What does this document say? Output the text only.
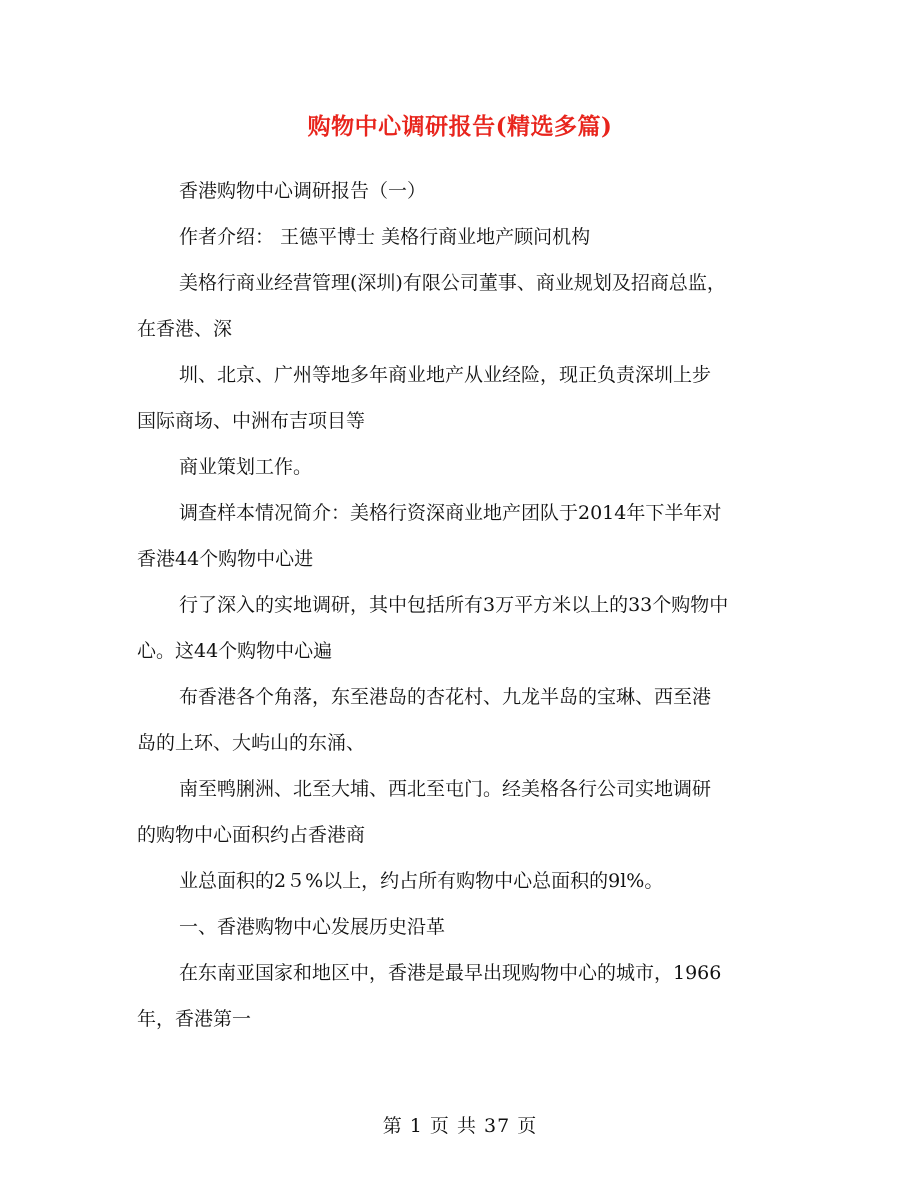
购物中心调研报告(精选多篇)

香港购物中心调研报告（一）

作者介绍： 王德平博士 美格行商业地产顾问机构

美格行商业经营管理(深圳)有限公司董事、商业规划及招商总监，
在香港、深

圳、北京、广州等地多年商业地产从业经险，现正负责深圳上步
国际商场、中洲布吉项目等

商业策划工作。

调查样本情况简介：美格行资深商业地产团队于2014年下半年对
香港44个购物中心进

行了深入的实地调研，其中包括所有3万平方米以上的33个购物中
心。这44个购物中心遍

布香港各个角落，东至港岛的杏花村、九龙半岛的宝琳、西至港
岛的上环、大屿山的东涌、

南至鸭脷洲、北至大埔、西北至屯门。经美格各行公司实地调研
的购物中心面积约占香港商

业总面积的2５%以上，约占所有购物中心总面积的9l%。

一、香港购物中心发展历史沿革

在东南亚国家和地区中，香港是最早出现购物中心的城市，1966
年，香港第一

第 1 页 共 37 页
